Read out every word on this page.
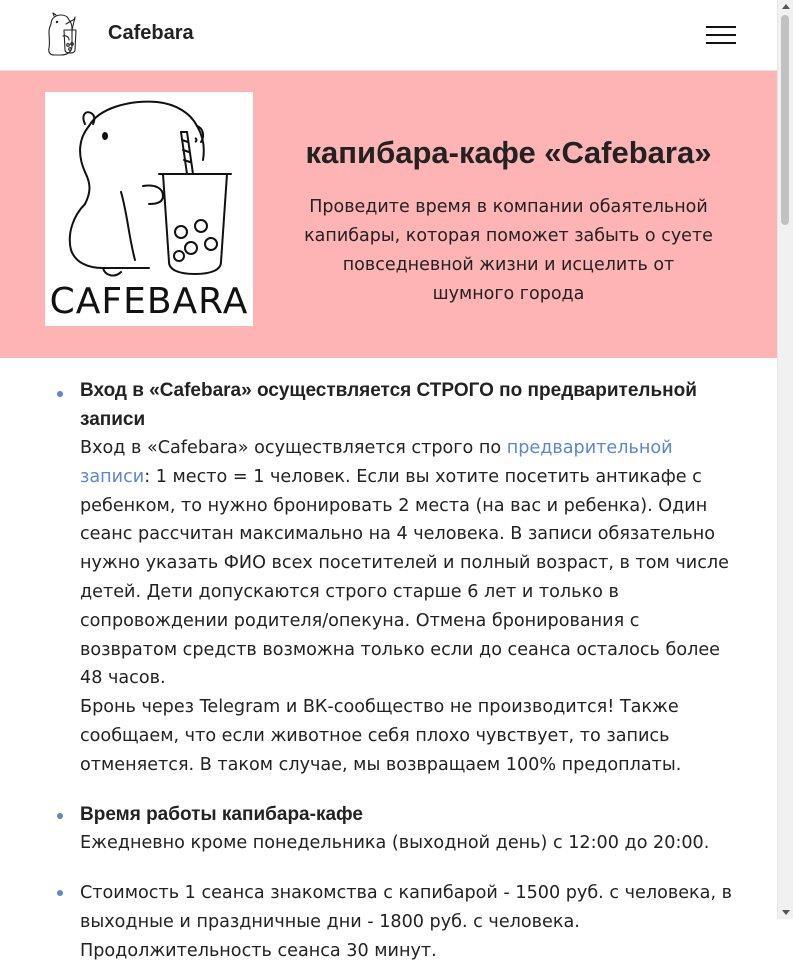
Cafebara
CAFEBARA
капибара-кафе «Cafebara»

Проведите время в компании обаятельной капибары, которая поможет забыть о суете повседневной жизни и исцелить от шумного города

Вход в «Cafebara» осуществляется СТРОГО по предварительной записи
Вход в «Cafebara» осуществляется строго по предварительной записи: 1 место = 1 человек. Если вы хотите посетить антикафе с ребенком, то нужно бронировать 2 места (на вас и ребенка). Один сеанс рассчитан максимально на 4 человека. В записи обязательно нужно указать ФИО всех посетителей и полный возраст, в том числе детей. Дети допускаются строго старше 6 лет и только в сопровождении родителя/опекуна. Отмена бронирования с возвратом средств возможна только если до сеанса осталось более 48 часов.
Бронь через Telegram и ВК-сообщество не производится! Также сообщаем, что если животное себя плохо чувствует, то запись отменяется. В таком случае, мы возвращаем 100% предоплаты.
Время работы капибара-кафе
Ежедневно кроме понедельника (выходной день) с 12:00 до 20:00.
Стоимость 1 сеанса знакомства с капибарой - 1500 руб. с человека, в выходные и праздничные дни - 1800 руб. с человека.
Продолжительность сеанса 30 минут.
